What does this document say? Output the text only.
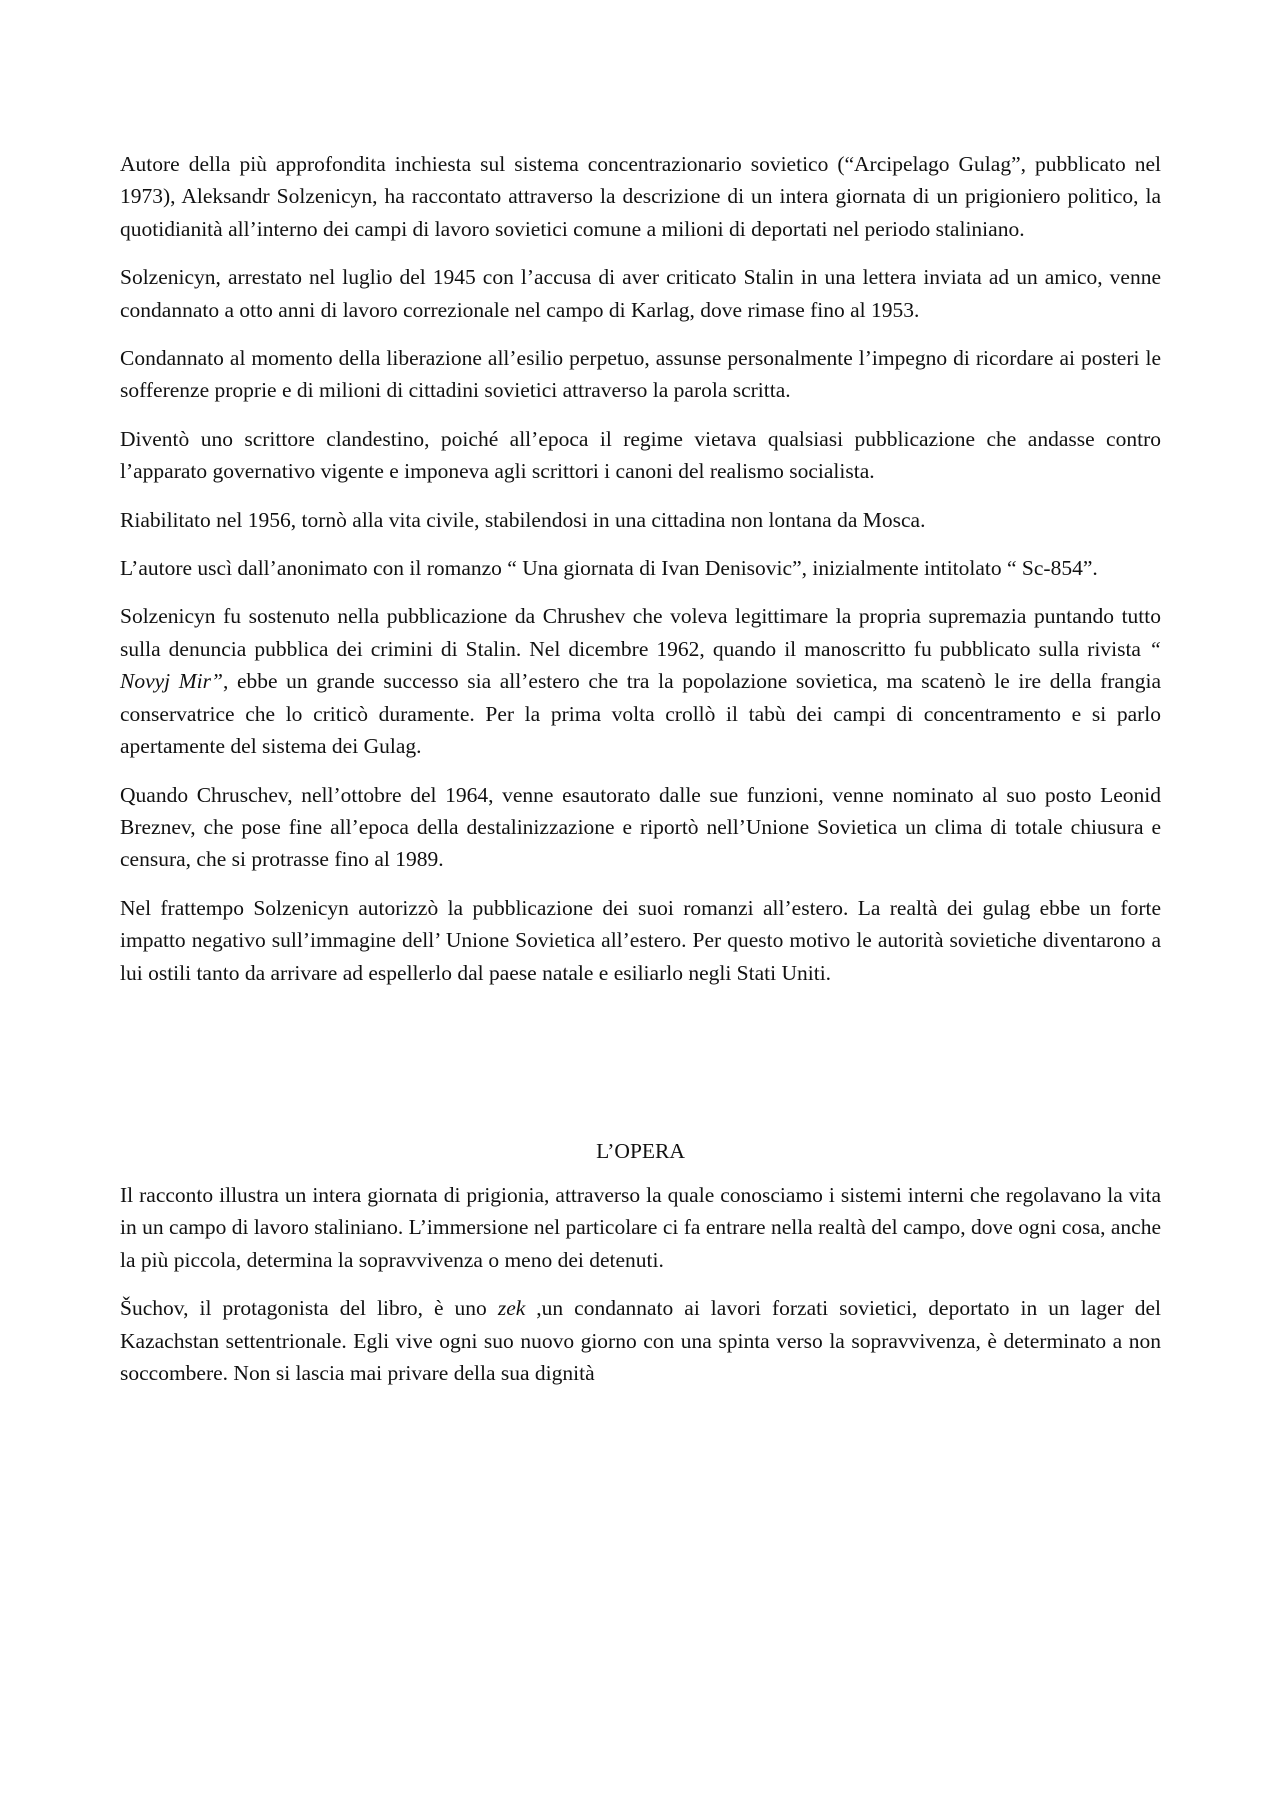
Autore della più approfondita inchiesta sul sistema concentrazionario sovietico (“Arcipelago Gulag”, pubblicato nel 1973), Aleksandr Solzenicyn, ha raccontato attraverso la descrizione di un intera giornata di un prigioniero politico, la quotidianità all’interno dei campi di lavoro sovietici comune a milioni di deportati nel periodo staliniano.

Solzenicyn, arrestato nel luglio del 1945 con l’accusa di aver criticato Stalin in una lettera inviata ad un amico, venne condannato a otto anni di lavoro correzionale nel campo di Karlag, dove rimase fino al 1953.

Condannato al momento della liberazione all’esilio perpetuo, assunse personalmente l’impegno di ricordare ai posteri le sofferenze proprie e di milioni di cittadini sovietici attraverso la parola scritta.

Diventò uno scrittore clandestino, poiché all’epoca il regime vietava qualsiasi pubblicazione che andasse contro l’apparato governativo vigente e imponeva agli scrittori i canoni del realismo socialista.

Riabilitato nel 1956, tornò alla vita civile, stabilendosi in una cittadina non lontana da Mosca.

L’autore uscì dall’anonimato con il romanzo “ Una giornata di Ivan Denisovic”, inizialmente intitolato “ Sc-854”.

Solzenicyn fu sostenuto nella pubblicazione da Chrushev che voleva legittimare la propria supremazia puntando tutto sulla denuncia pubblica dei crimini di Stalin. Nel dicembre 1962, quando il manoscritto fu pubblicato sulla rivista “ Novyj Mir”, ebbe un grande successo sia all’estero che tra la popolazione sovietica, ma scatenò le ire della frangia conservatrice che lo criticò duramente. Per la prima volta crollò il tabù dei campi di concentramento e si parlo apertamente del sistema dei Gulag.

Quando Chruschev, nell’ottobre del 1964, venne esautorato dalle sue funzioni, venne nominato al suo posto Leonid Breznev, che pose fine all’epoca della destalinizzazione e riportò nell’Unione Sovietica un clima di totale chiusura e censura, che si protrasse fino al 1989.

Nel frattempo Solzenicyn autorizzò la pubblicazione dei suoi romanzi all’estero. La realtà dei gulag ebbe un forte impatto negativo sull’immagine dell’ Unione Sovietica all’estero. Per questo motivo le autorità sovietiche diventarono a lui ostili tanto da arrivare ad espellerlo dal paese natale e esiliarlo negli Stati Uniti.

L’OPERA

Il racconto illustra un intera giornata di prigionia, attraverso la quale conosciamo i sistemi interni che regolavano la vita in un campo di lavoro staliniano. L’immersione nel particolare ci fa entrare nella realtà del campo, dove ogni cosa, anche la più piccola, determina la sopravvivenza o meno dei detenuti.

Šuchov, il protagonista del libro, è uno zek ,un condannato ai lavori forzati sovietici, deportato in un lager del Kazachstan settentrionale. Egli vive ogni suo nuovo giorno con una spinta verso la sopravvivenza, è determinato a non soccombere. Non si lascia mai privare della sua dignità
